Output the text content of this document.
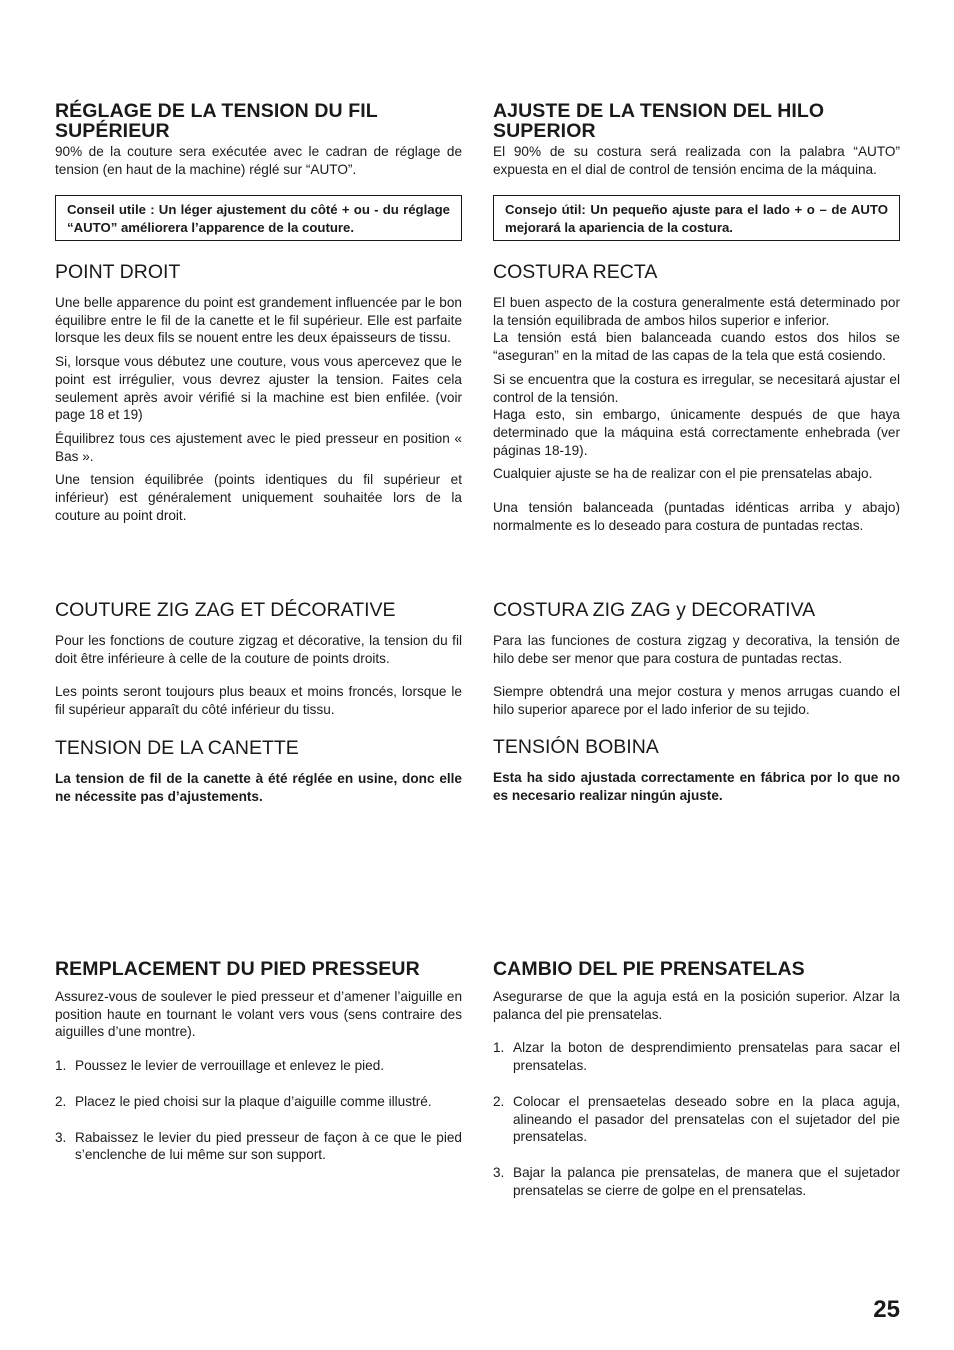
RÉGLAGE DE LA TENSION DU FIL SUPÉRIEUR

90% de la couture sera exécutée avec le cadran de réglage de tension (en haut de la machine) réglé sur “AUTO”.

Conseil utile : Un léger ajustement du côté + ou - du réglage “AUTO” améliorera l’apparence de la couture.
POINT DROIT

Une belle apparence du point est grandement influencée par le bon équilibre entre le fil de la canette et le fil supérieur. Elle est parfaite lorsque les deux fils se nouent entre les deux épaisseurs de tissu.

Si, lorsque vous débutez une couture, vous vous apercevez que le point est irrégulier, vous devrez ajuster la tension. Faites cela seulement après avoir vérifié si la machine est bien enfilée. (voir page 18 et 19)

Équilibrez tous ces ajustement avec le pied presseur en position « Bas ».

Une tension équilibrée (points identiques du fil supérieur et inférieur) est généralement uniquement souhaitée lors de la couture au point droit.

COUTURE ZIG ZAG ET DÉCORATIVE

Pour les fonctions de couture zigzag et décorative, la tension du fil doit être inférieure à celle de la couture de points droits.

Les points seront toujours plus beaux et moins froncés, lorsque le fil supérieur apparaît du côté inférieur du tissu.

TENSION DE LA CANETTE

La tension de fil de la canette à été réglée en usine, donc elle ne nécessite pas d’ajustements.

REMPLACEMENT DU PIED PRESSEUR

Assurez-vous de soulever le pied presseur et d’amener l’aiguille en position haute en tournant le volant vers vous (sens contraire des aiguilles d’une montre).

1. Poussez le levier de verrouillage et enlevez le pied.
2. Placez le pied choisi sur la plaque d’aiguille comme illustré.
3. Rabaissez le levier du pied presseur de façon à ce que le pied s’enclenche de lui même sur son support.
AJUSTE DE LA TENSION DEL HILO SUPERIOR

El 90% de su costura será realizada con la palabra “AUTO” expuesta en el dial de control de tensión encima de la máquina.

Consejo útil: Un pequeño ajuste para el lado + o – de AUTO mejorará la apariencia de la costura.
COSTURA RECTA

El buen aspecto de la costura generalmente está determinado por la tensión equilibrada de ambos hilos superior e inferior.

La tensión está bien balanceada cuando estos dos hilos se “aseguran” en la mitad de las capas de la tela que está cosiendo.

Si se encuentra que la costura es irregular, se necesitará ajustar el control de la tensión.

Haga esto, sin embargo, únicamente después de que haya determinado que la máquina está correctamente enhebrada (ver páginas 18-19).

Cualquier ajuste se ha de realizar con el pie prensatelas abajo.

Una tensión balanceada (puntadas idénticas arriba y abajo) normalmente es lo deseado para costura de puntadas rectas.

COSTURA ZIG ZAG y DECORATIVA

Para las funciones de costura zigzag y decorativa, la tensión de hilo debe ser menor que para costura de puntadas rectas.

Siempre obtendrá una mejor costura y menos arrugas cuando el hilo superior aparece por el lado inferior de su tejido.

TENSIÓN BOBINA

Esta ha sido ajustada correctamente en fábrica por lo que no es necesario realizar ningún ajuste.

CAMBIO DEL PIE PRENSATELAS

Asegurarse de que la aguja está en la posición superior. Alzar la palanca del pie prensatelas.

1. Alzar la boton de desprendimiento prensatelas para sacar el prensatelas.
2. Colocar el prensaetelas deseado sobre en la placa aguja, alineando el pasador del prensatelas con el sujetador del pie prensatelas.
3. Bajar la palanca pie prensatelas, de manera que el sujetador prensatelas se cierre de golpe en el prensatelas.
25
